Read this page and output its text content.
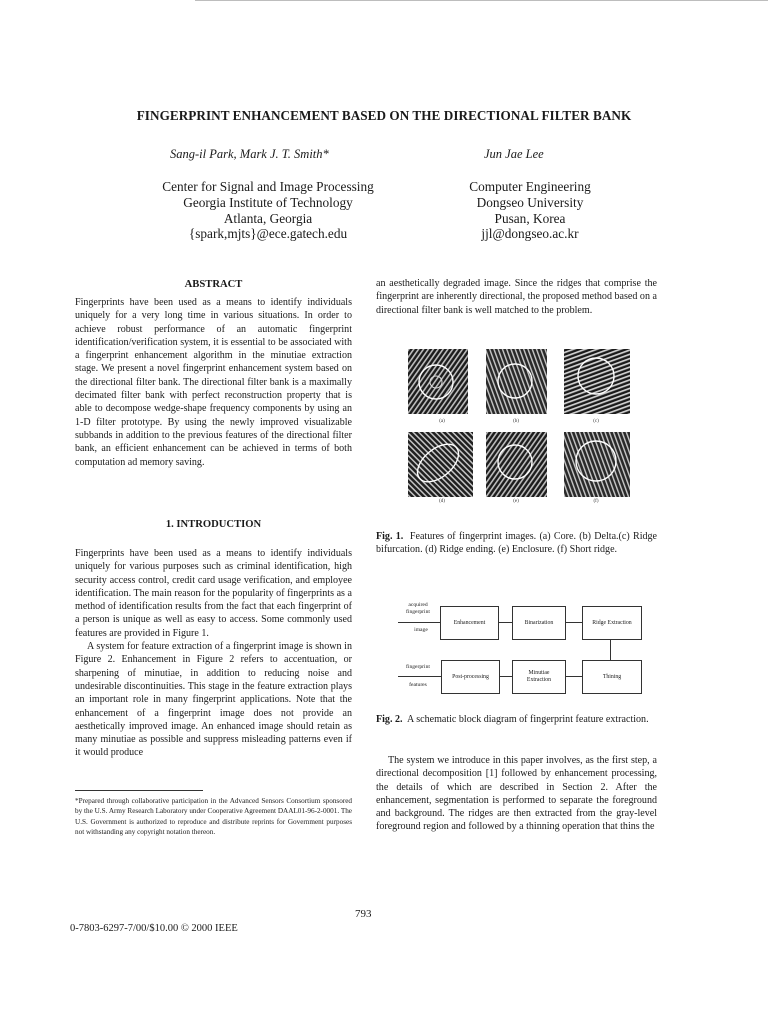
FINGERPRINT ENHANCEMENT BASED ON THE DIRECTIONAL FILTER BANK
Sang-il Park, Mark J. T. Smith*	Jun Jae Lee
Center for Signal and Image Processing
Georgia Institute of Technology
Atlanta, Georgia
{spark,mjts}@ece.gatech.edu
Computer Engineering
Dongseo University
Pusan, Korea
jjl@dongseo.ac.kr
ABSTRACT

Fingerprints have been used as a means to identify individuals uniquely for a very long time in various situations. In order to achieve robust performance of an automatic fingerprint identification/verification system, it is essential to be associated with a fingerprint enhancement algorithm in the minutiae extraction stage. We present a novel fingerprint enhancement system based on the directional filter bank. The directional filter bank is a maximally decimated filter bank with perfect reconstruction property that is able to decompose wedge-shape frequency components by using an 1-D filter prototype. By using the newly improved visualizable subbands in addition to the previous features of the directional filter bank, an efficient enhancement can be achieved in terms of both computation ad memory saving.

1. INTRODUCTION

Fingerprints have been used as a means to identify individuals uniquely for various purposes such as criminal identification, high security access control, credit card usage verification, and employee identification. The main reason for the popularity of fingerprints as a method of identification results from the fact that each fingerprint of a person is unique as well as easy to access. Some commonly used features are provided in Figure 1.

A system for feature extraction of a fingerprint image is shown in Figure 2. Enhancement in Figure 2 refers to accentuation, or sharpening of minutiae, in addition to reducing noise and undesirable discontinuities. This stage in the feature extraction plays an important role in many fingerprint applications. Note that the enhancement of a fingerprint image does not provide an aesthetically improved image. An enhanced image should retain as many minutiae as possible and suppress misleading patterns even if it would produce

*Prepared through collaborative participation in the Advanced Sensors Consortium sponsored by the U.S. Army Research Laboratory under Cooperative Agreement DAAL01-96-2-0001. The U.S. Government is authorized to reproduce and distribute reprints for Government purposes not withstanding any copyright notation thereon.

an aesthetically degraded image. Since the ridges that comprise the fingerprint are inherently directional, the proposed method based on a directional filter bank is well matched to the problem.

(a)	(b)	(c)
(d)	(e)	(f)
Fig. 1. Features of fingerprint images. (a) Core. (b) Delta.(c) Ridge bifurcation. (d) Ridge ending. (e) Enclosure. (f) Short ridge.
acquired
fingerprint
image
Enhancement	Binarization	Ridge Extraction
fingerprint
features
Post-processing
Minutiae
Extraction
Thining
Fig. 2. A schematic block diagram of fingerprint feature extraction.

The system we introduce in this paper involves, as the first step, a directional decomposition [1] followed by enhancement processing, the details of which are described in Section 2. After the enhancement, segmentation is performed to separate the foreground and background. The ridges are then extracted from the gray-level foreground region and followed by a thinning operation that thins the

793
0-7803-6297-7/00/$10.00 © 2000 IEEE
